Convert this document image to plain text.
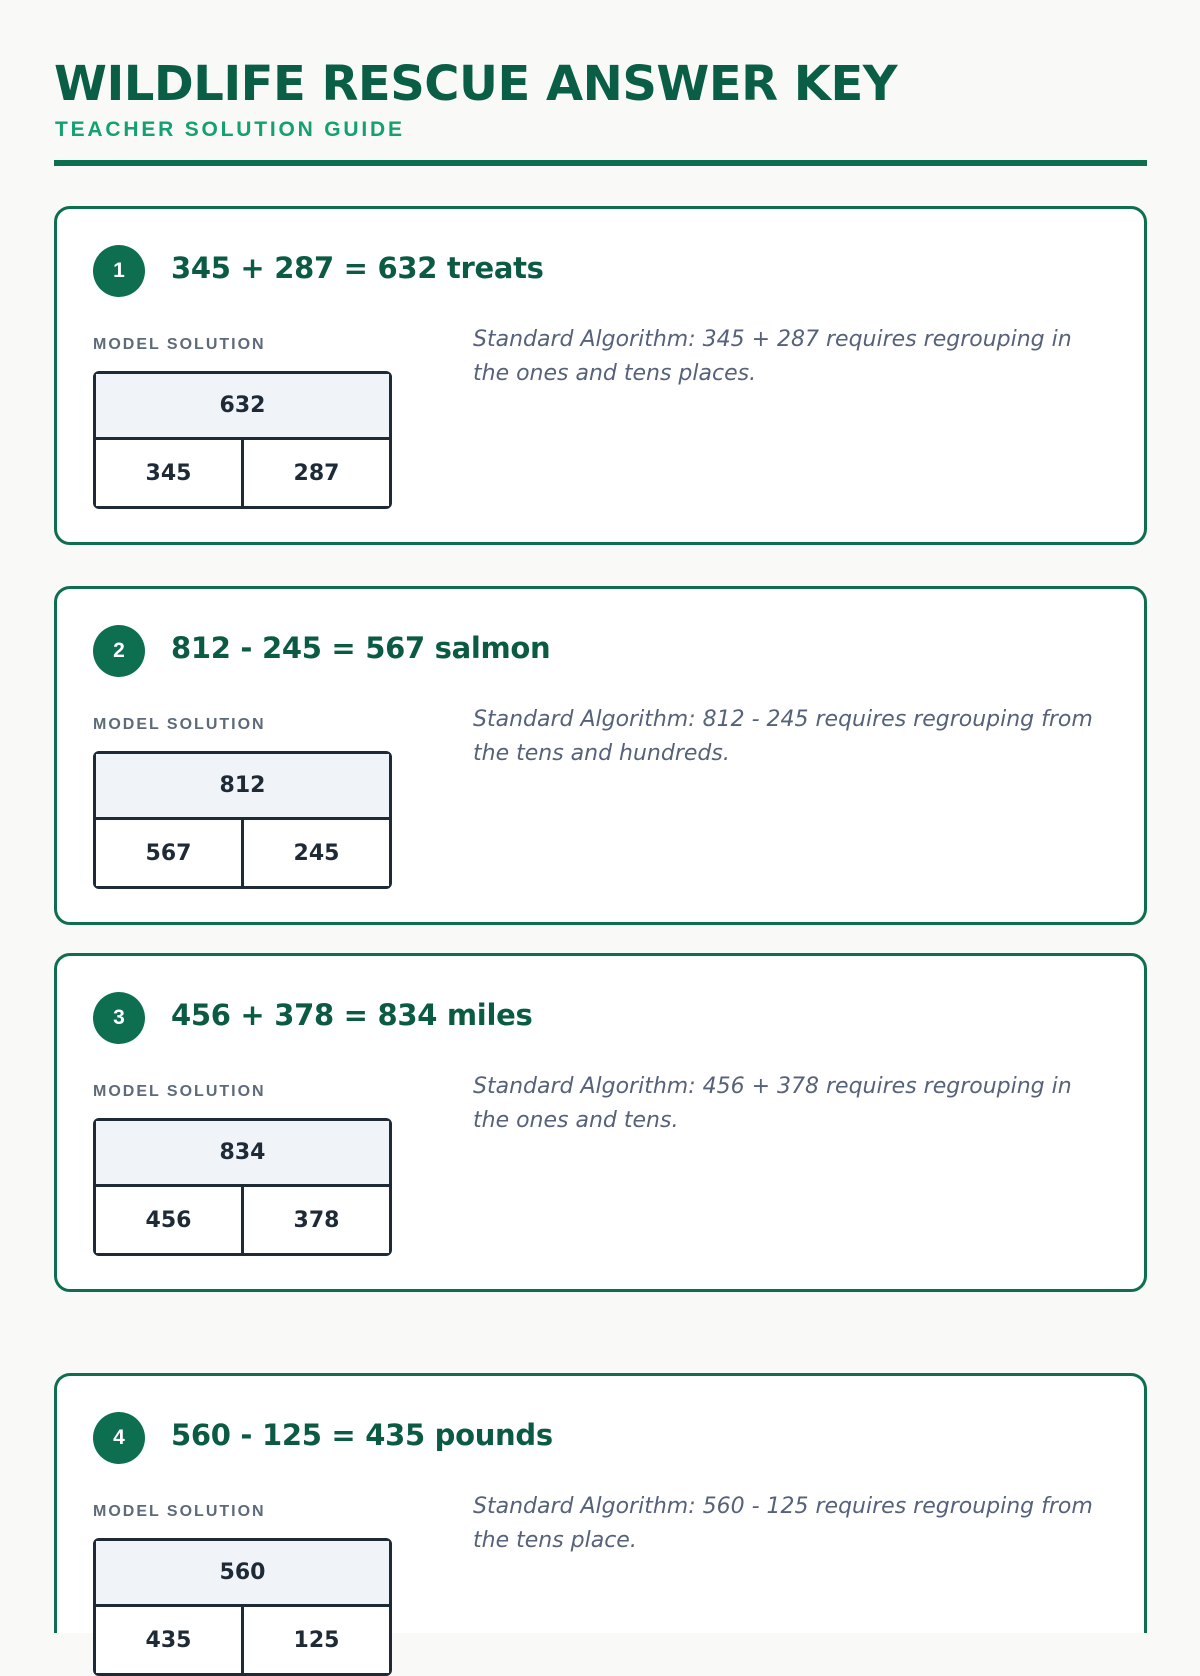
WILDLIFE RESCUE ANSWER KEY
TEACHER SOLUTION GUIDE
1	345 + 287 = 632 treats
MODEL SOLUTION
632
345	287
Standard Algorithm: 345 + 287 requires regrouping in the ones and tens places.
2	812 - 245 = 567 salmon
MODEL SOLUTION
812
567	245
Standard Algorithm: 812 - 245 requires regrouping from the tens and hundreds.
3	456 + 378 = 834 miles
MODEL SOLUTION
834
456	378
Standard Algorithm: 456 + 378 requires regrouping in the ones and tens.
4	560 - 125 = 435 pounds
MODEL SOLUTION
560
435	125
Standard Algorithm: 560 - 125 requires regrouping from the tens place.
